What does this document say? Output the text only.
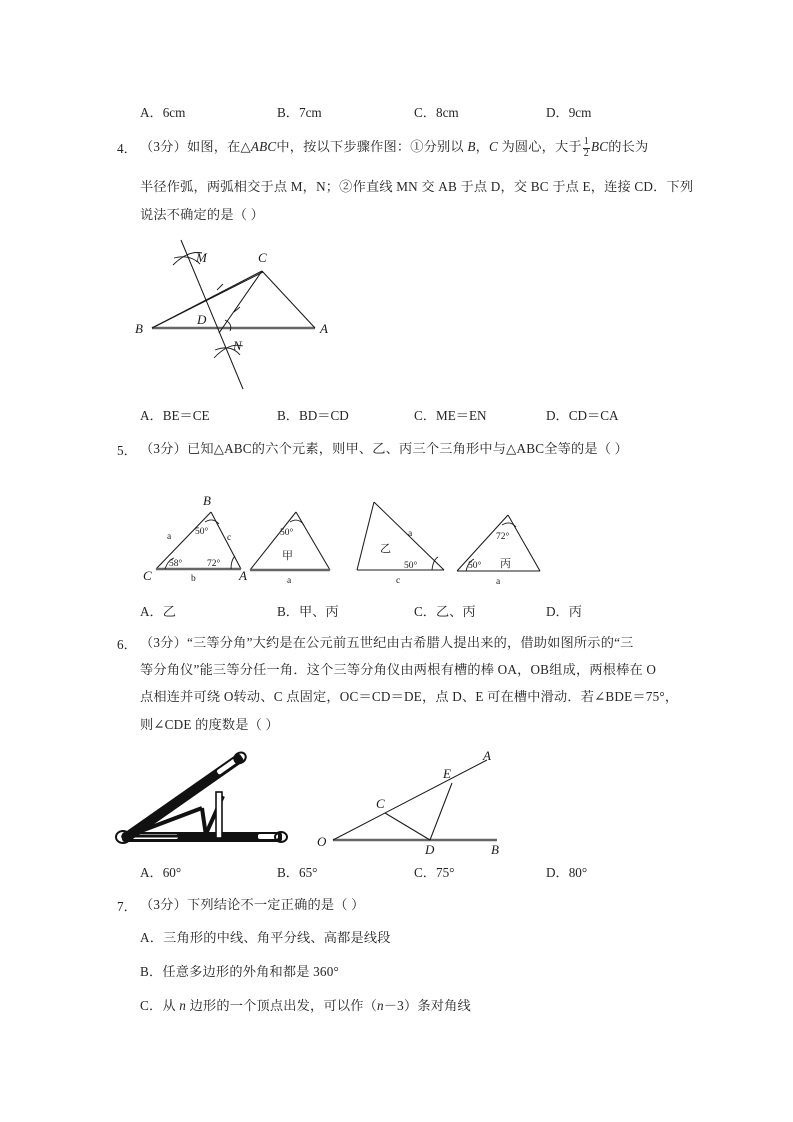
A．6cm	B．7cm	C．8cm	D．9cm
4． （3分）如图，在△ABC中，按以下步骤作图：①分别以 B，C 为圆心，大于 $\frac{1}{2}$ BC的长为
半径作弧，两弧相交于点 M，N；②作直线 MN 交 AB 于点 D，交 BC 于点 E，连接 CD．下列
说法不确定的是（ ）
M	C
B
D
N
A
A．BE＝CE	B．BD＝CD	C．ME＝EN	D．CD＝CA
5． （3分）已知△ABC的六个元素，则甲、乙、丙三个三角形中与△ABC全等的是（ ）
B
C	A
a
b
c
50°
58°	72°
50°
甲
a
a
乙
50°
c
72°
50° 丙
a
A．乙	B．甲、丙	C．乙、丙	D．丙
6． （3分）“三等分角”大约是在公元前五世纪由古希腊人提出来的，借助如图所示的“三
等分角仪”能三等分任一角．这个三等分角仪由两根有槽的棒 OA，OB组成，两根棒在 O
点相连并可绕 O转动、C 点固定，OC＝CD＝DE，点 D、E 可在槽中滑动．若∠BDE＝75°，
则∠CDE 的度数是（ ）
A
E
C
O
D	B
A．60°	B．65°	C．75°	D．80°
7． （3分）下列结论不一定正确的是（ ）
A．三角形的中线、角平分线、高都是线段
B．任意多边形的外角和都是 360°
C．从 n 边形的一个顶点出发，可以作（n－3）条对角线
